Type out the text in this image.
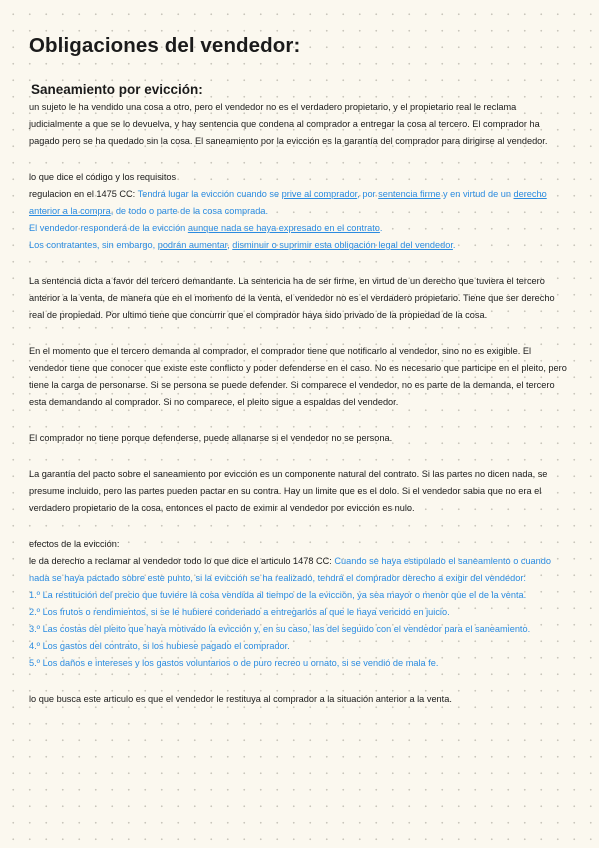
Obligaciones del vendedor:
Saneamiento por evicción:

un sujeto le ha vendido una cosa a otro, pero el vendedor no es el verdadero propietario, y el propietario real le reclama judicialmente a que se lo devuelva, y hay sentencia que condena al comprador a entregar la cosa al tercero. El comprador ha pagado pero se ha quedado sin la cosa. El saneamiento por la evicción es la garantía del comprador para dirigirse al vendedor.

lo que dice el código y los requisitos

regulacion en el 1475 CC: Tendrá lugar la evicción cuando se prive al comprador, por sentencia firme y en virtud de un derecho anterior a la compra, de todo o parte de la cosa comprada.

El vendedor responderá de la evicción aunque nada se haya expresado en el contrato.

Los contratantes, sin embargo, podrán aumentar, disminuir o suprimir esta obligación legal del vendedor.

La sentencia dicta a favor del tercero demandante. La sentencia ha de ser firme, en virtud de un derecho que tuviera el tercero anterior a la venta, de manera que en el momento de la venta, el vendedor no es el verdadero propietario. Tiene que ser derecho real de propiedad. Por ultimo tiene que concurrir que el comprador haya sido privado de la propiedad de la cosa.

En el momento que el tercero demanda al comprador, el comprador tiene que notificarlo al vendedor, sino no es exigible. El vendedor tiene que conocer que existe este conflicto y poder defenderse en el caso. No es necesario que participe en el pleito, pero tiene la carga de personarse. Si se persona se puede defender. Si comparece el vendedor, no es parte de la demanda, el tercero esta demandando al comprador. Si no comparece, el pleito sigue a espaldas del vendedor.

El comprador no tiene porque defenderse, puede allanarse si el vendedor no se persona.

La garantía del pacto sobre el saneamiento por evicción es un componente natural del contrato. Si las partes no dicen nada, se presume incluido, pero las partes pueden pactar en su contra. Hay un limite que es el dolo. Si el vendedor sabia que no era el verdadero propietario de la cosa, entonces el pacto de eximir al vendedor por evicción es nulo.

efectos de la evicción:

le da derecho a reclamar al vendedor todo lo que dice el articulo 1478 CC: Cuando se haya estipulado el saneamiento o cuando nada se haya pactado sobre este punto, si la evicción se ha realizado, tendrá el comprador derecho a exigir del vendedor:

1.º La restitución del precio que tuviere la cosa vendida al tiempo de la evicción, ya sea mayor o menor que el de la venta.

2.º Los frutos o rendimientos, si se le hubiere condenado a entregarlos al que le haya vencido en juicio.

3.º Las costas del pleito que haya motivado la evicción y, en su caso, las del seguido con el vendedor para el saneamiento.

4.º Los gastos del contrato, si los hubiese pagado el comprador.

5.º Los daños e intereses y los gastos voluntarios o de puro recreo u ornato, si se vendió de mala fe.

lo que busca este articulo es que el vendedor le restituya al comprador a la situación anterior a la venta.
